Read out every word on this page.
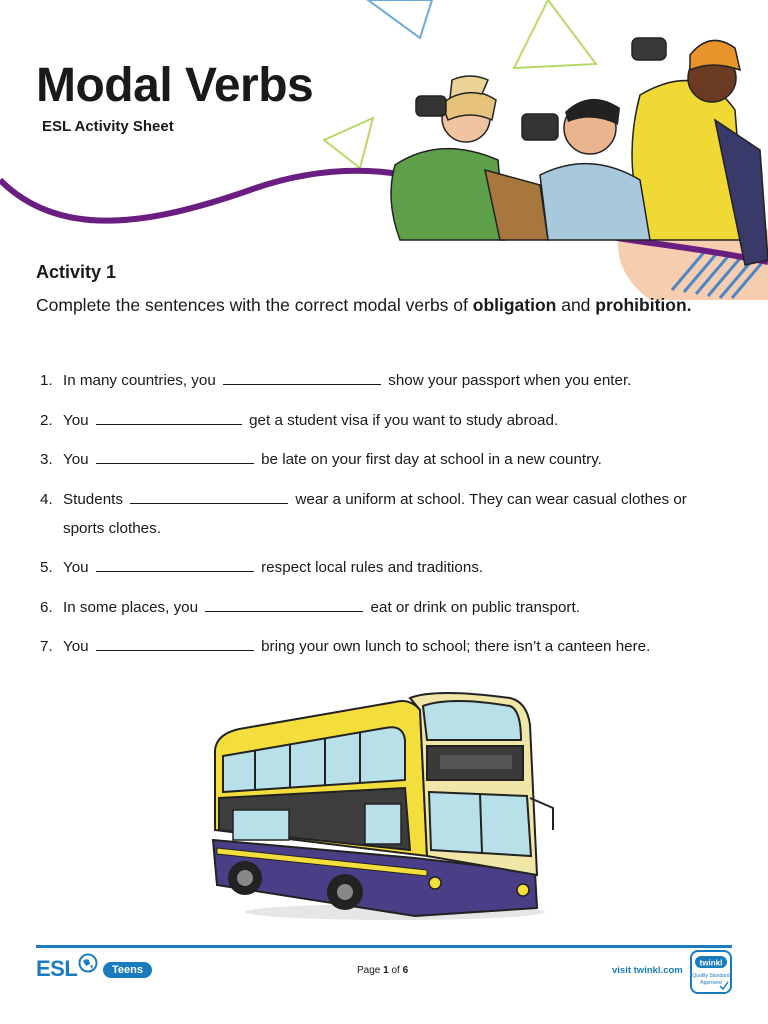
Modal Verbs

ESL Activity Sheet

Activity 1

Complete the sentences with the correct modal verbs of obligation and prohibition.

1. In many countries, you	show your passport when you enter.
2. You	get a student visa if you want to study abroad.
3. You	be late on your first day at school in a new country.
4. Students	wear a uniform at school. They can wear casual clothes or sports clothes.
5. You	respect local rules and traditions.
6. In some places, you	eat or drink on public transport.
7. You	bring your own lunch to school; there isn’t a canteen here.
ESL	Teens	Page 1 of 6	visit twinkl.com
twinkl
Quality Standard
Approved
